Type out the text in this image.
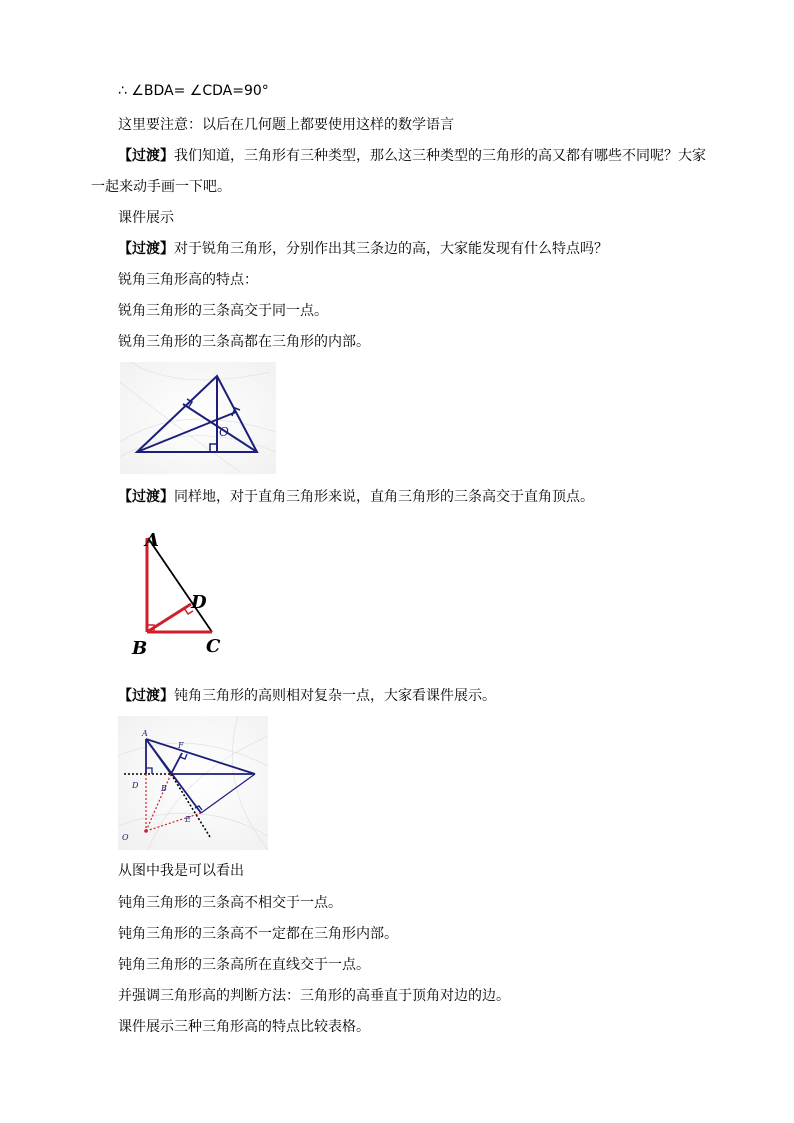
∴ ∠BDA= ∠CDA=90°
这里要注意：以后在几何题上都要使用这样的数学语言
【过渡】我们知道，三角形有三种类型，那么这三种类型的三角形的高又都有哪些不同呢？大家
一起来动手画一下吧。
课件展示
【过渡】对于锐角三角形，分别作出其三条边的高，大家能发现有什么特点吗？
锐角三角形高的特点：
锐角三角形的三条高交于同一点。
锐角三角形的三条高都在三角形的内部。
O
【过渡】同样地，对于直角三角形来说，直角三角形的三条高交于直角顶点。
A
B	C
D
【过渡】钝角三角形的高则相对复杂一点，大家看课件展示。
A
F
D	B
E
O
从图中我是可以看出
钝角三角形的三条高不相交于一点。
钝角三角形的三条高不一定都在三角形内部。
钝角三角形的三条高所在直线交于一点。
并强调三角形高的判断方法：三角形的高垂直于顶角对边的边。
课件展示三种三角形高的特点比较表格。
